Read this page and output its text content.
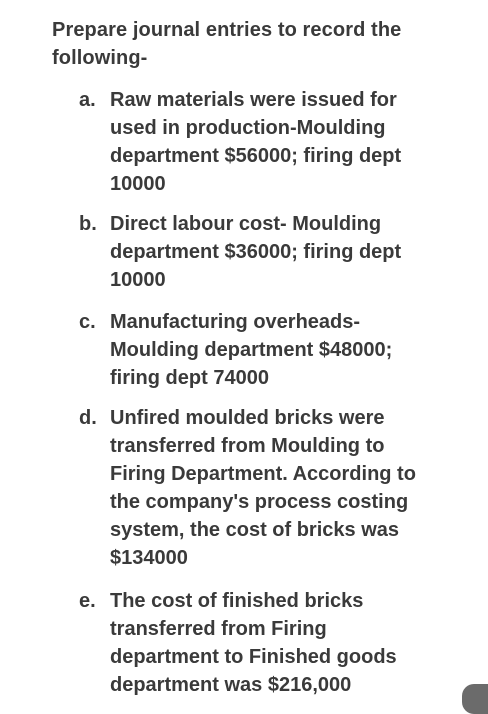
Prepare journal entries to record the
following-
a. Raw materials were issued for
used in production-Moulding
department $56000; firing dept
10000
b. Direct labour cost- Moulding
department $36000; firing dept
10000
c. Manufacturing overheads-
Moulding department $48000;
firing dept 74000
d. Unfired moulded bricks were
transferred from Moulding to
Firing Department. According to
the company's process costing
system, the cost of bricks was
$134000
e. The cost of finished bricks
transferred from Firing
department to Finished goods
department was $216,000
